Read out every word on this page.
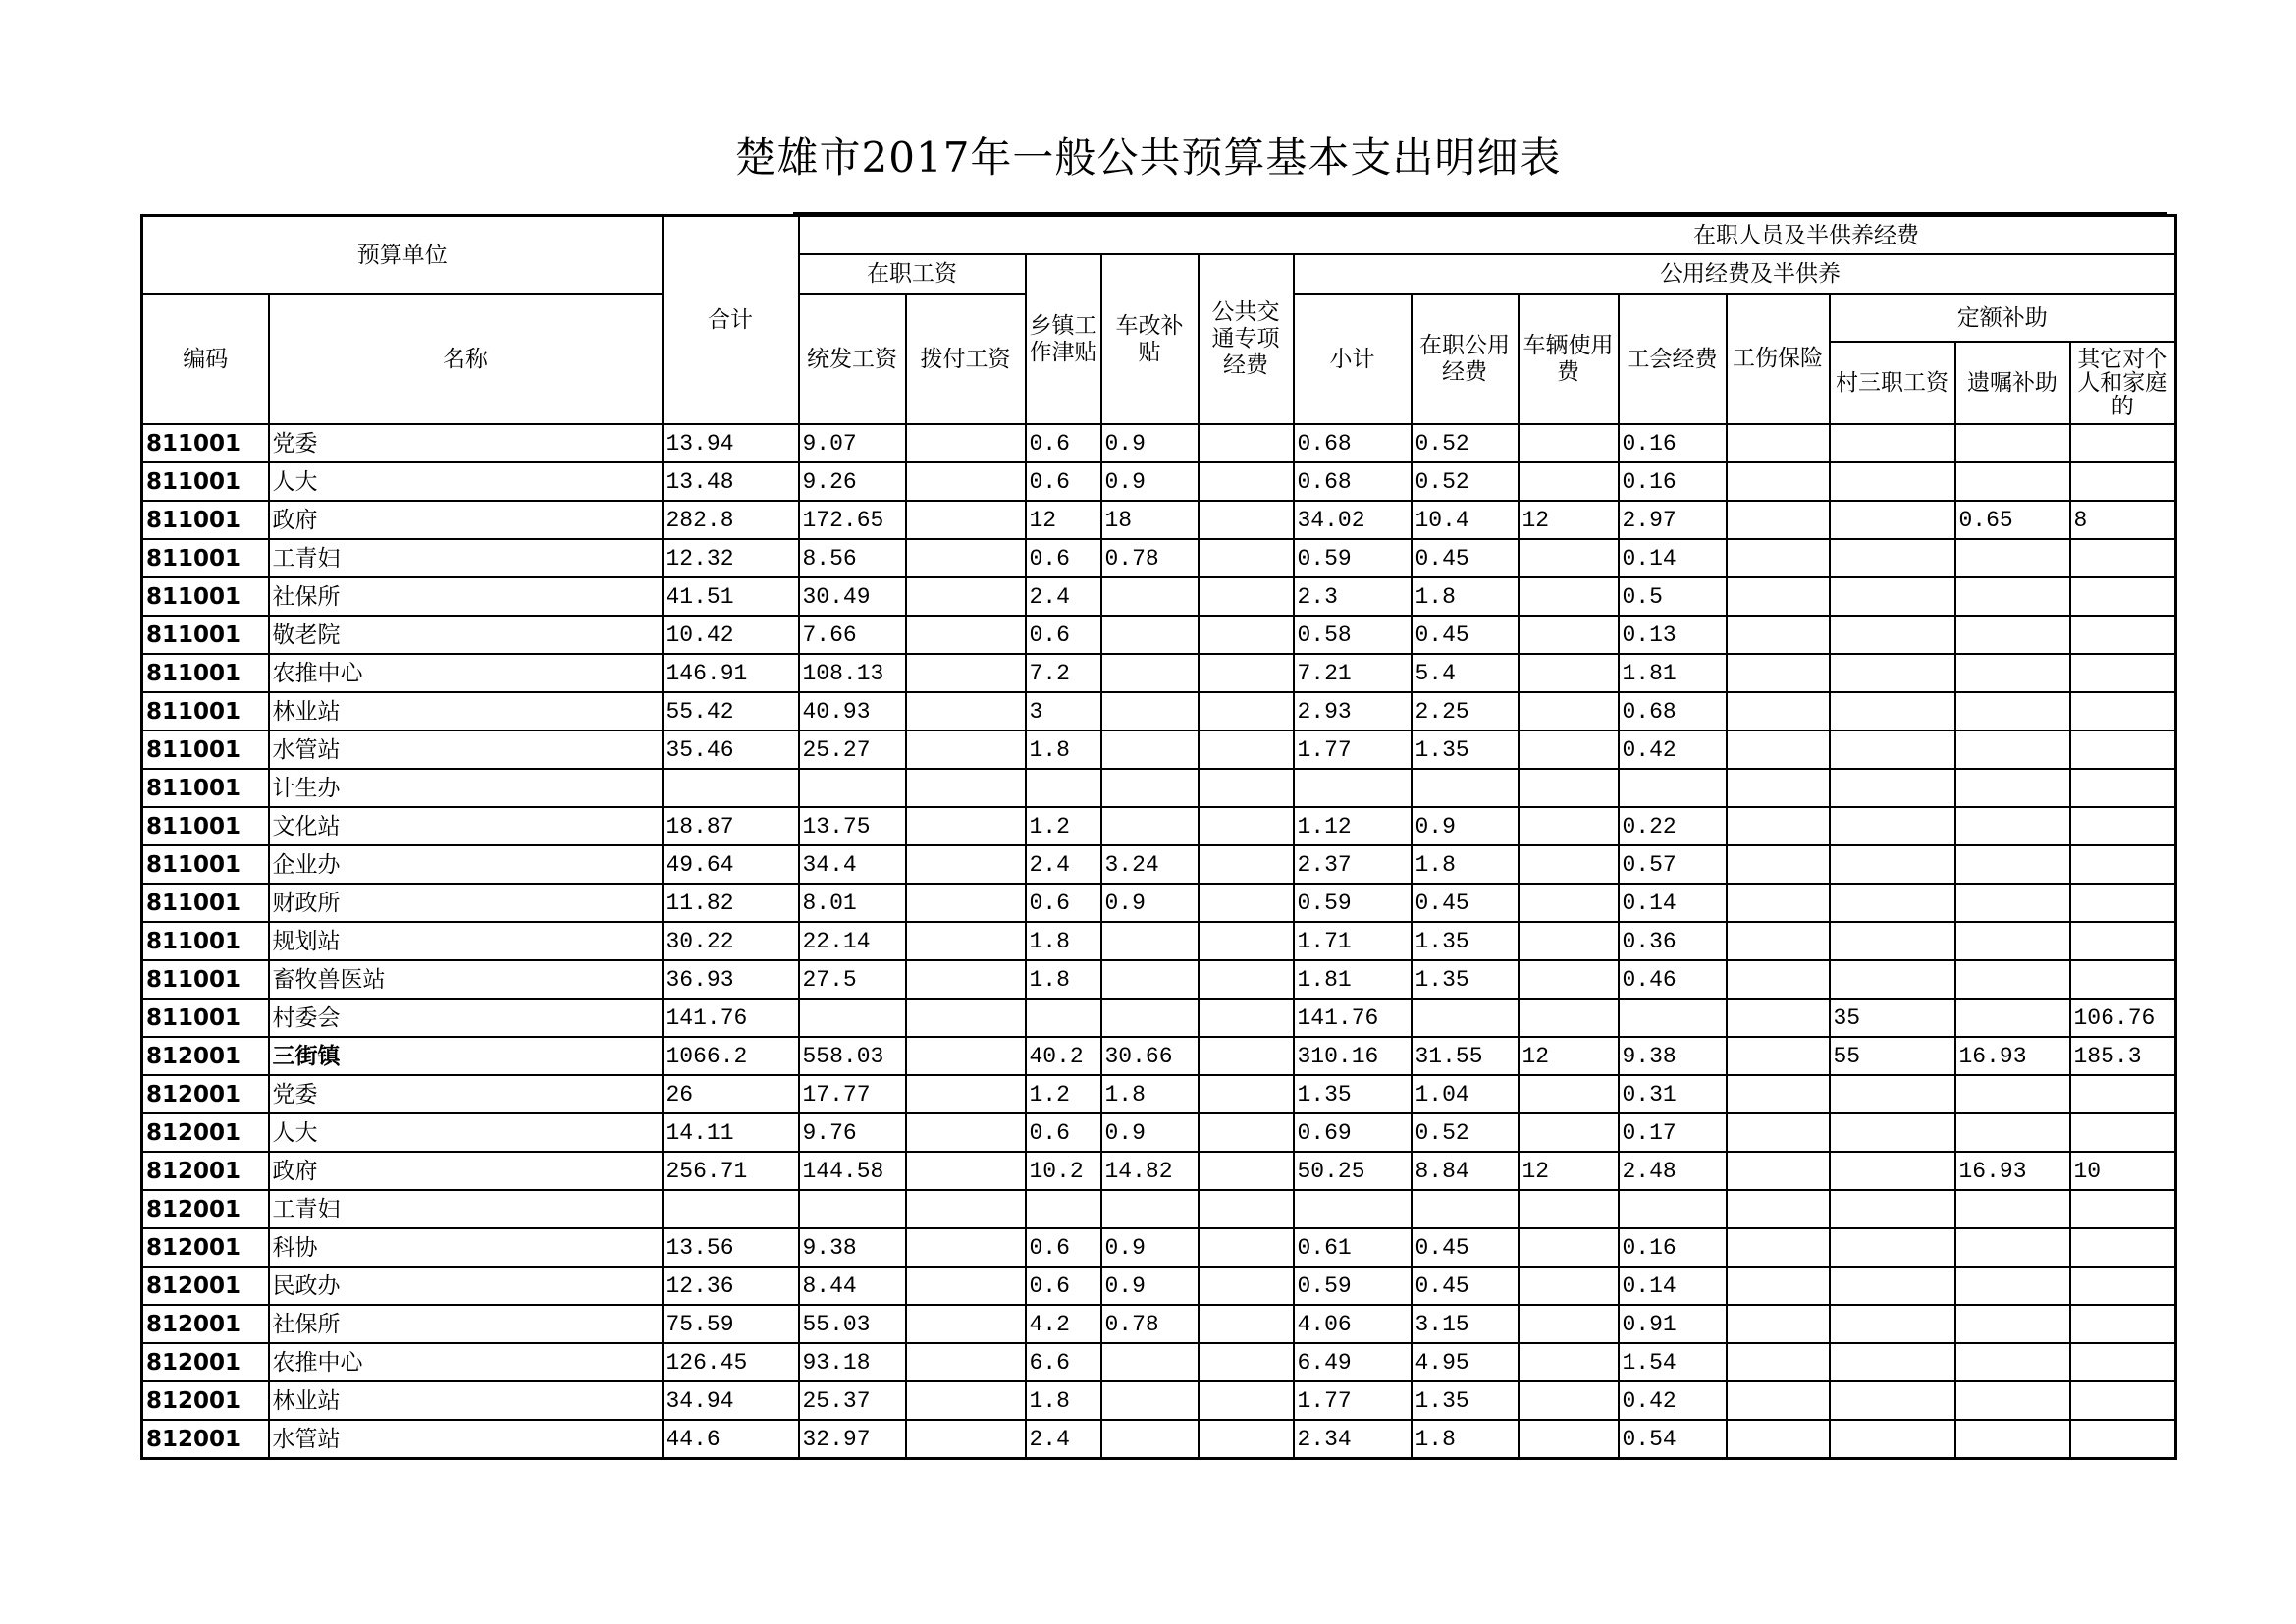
楚雄市2017年一般公共预算基本支出明细表
预算单位		合计	在职人员及半供养经费												
			在职工资		乡镇工作津贴	车改补贴	公共交通专项经费	公用经费及半供养							
编码	名称		统发工资	拨付工资				小计	在职公用经费	车辆使用费	工会经费	工伤保险	定额补助		
													村三职工资	遗嘱补助	其它对个人和家庭的
811001	党委	13.94	9.07		0.6	0.9		0.68	0.52		0.16				
811001	人大	13.48	9.26		0.6	0.9		0.68	0.52		0.16				
811001	政府	282.8	172.65		12	18		34.02	10.4	12	2.97			0.65	8
811001	工青妇	12.32	8.56		0.6	0.78		0.59	0.45		0.14				
811001	社保所	41.51	30.49		2.4			2.3	1.8		0.5				
811001	敬老院	10.42	7.66		0.6			0.58	0.45		0.13				
811001	农推中心	146.91	108.13		7.2			7.21	5.4		1.81				
811001	林业站	55.42	40.93		3			2.93	2.25		0.68				
811001	水管站	35.46	25.27		1.8			1.77	1.35		0.42				
811001	计生办														
811001	文化站	18.87	13.75		1.2			1.12	0.9		0.22				
811001	企业办	49.64	34.4		2.4	3.24		2.37	1.8		0.57				
811001	财政所	11.82	8.01		0.6	0.9		0.59	0.45		0.14				
811001	规划站	30.22	22.14		1.8			1.71	1.35		0.36				
811001	畜牧兽医站	36.93	27.5		1.8			1.81	1.35		0.46				
811001	村委会	141.76						141.76					35		106.76
812001	三街镇	1066.2	558.03		40.2	30.66		310.16	31.55	12	9.38		55	16.93	185.3
812001	党委	26	17.77		1.2	1.8		1.35	1.04		0.31				
812001	人大	14.11	9.76		0.6	0.9		0.69	0.52		0.17				
812001	政府	256.71	144.58		10.2	14.82		50.25	8.84	12	2.48			16.93	10
812001	工青妇														
812001	科协	13.56	9.38		0.6	0.9		0.61	0.45		0.16				
812001	民政办	12.36	8.44		0.6	0.9		0.59	0.45		0.14				
812001	社保所	75.59	55.03		4.2	0.78		4.06	3.15		0.91				
812001	农推中心	126.45	93.18		6.6			6.49	4.95		1.54				
812001	林业站	34.94	25.37		1.8			1.77	1.35		0.42				
812001	水管站	44.6	32.97		2.4			2.34	1.8		0.54				
